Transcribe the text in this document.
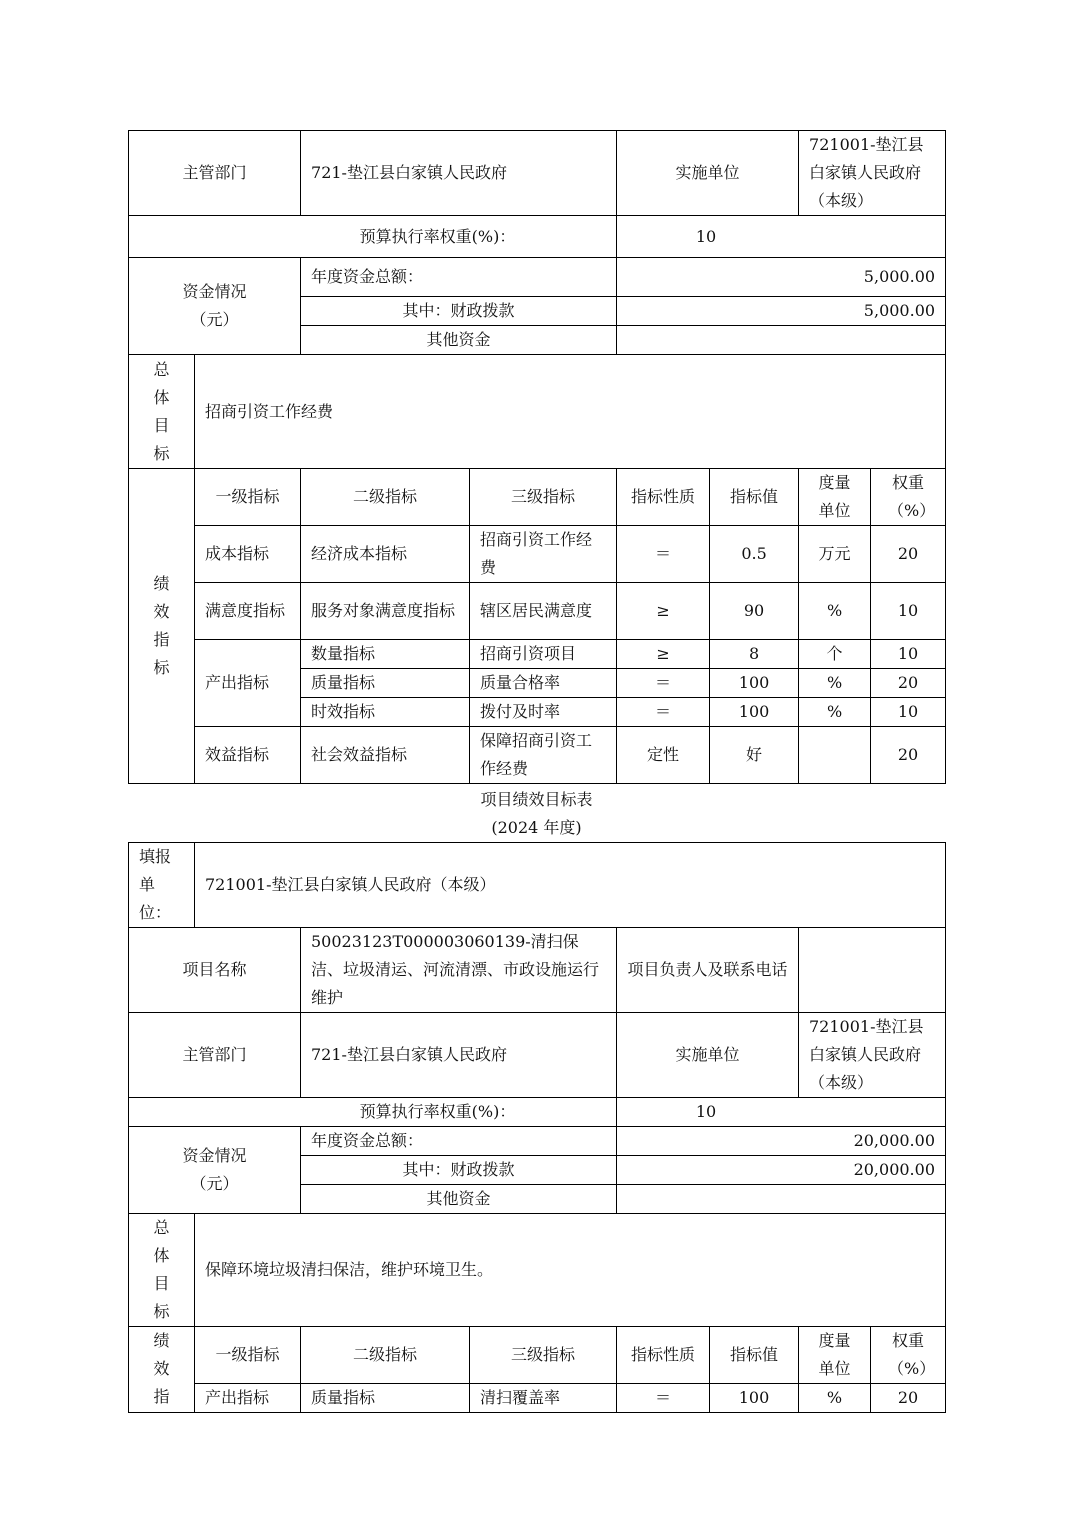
主管部门		721-垫江县白家镇人民政府		实施单位		721001-垫江县白家镇人民政府（本级）	
预算执行率权重(%)：				10			
资金情况（元）		年度资金总额：		5,000.00			
		其中：财政拨款		5,000.00			
		其他资金					

总体目标	招商引资工作经费						

绩效指标	一级指标	二级指标	三级指标	指标性质	指标值	度量单位	权重（%）
	成本指标	经济成本指标	招商引资工作经费	＝	0.5	万元	20
	满意度指标	服务对象满意度指标	辖区居民满意度	≥	90	%	10
	产出指标	数量指标	招商引资项目	≥	8	个	10
		质量指标	质量合格率	＝	100	%	20
		时效指标	拨付及时率	＝	100	%	10
	效益指标	社会效益指标	保障招商引资工作经费	定性	好		20
项目绩效目标表
(2024 年度)
填报单位：	721001-垫江县白家镇人民政府（本级）						
项目名称		50023123T000003060139-清扫保洁、垃圾清运、河流清漂、市政设施运行维护		项目负责人及联系电话			
主管部门		721-垫江县白家镇人民政府		实施单位		721001-垫江县白家镇人民政府（本级）	
预算执行率权重(%)：				10			
资金情况（元）		年度资金总额：		20,000.00			
		其中：财政拨款		20,000.00			
		其他资金					

总体目标	保障环境垃圾清扫保洁，维护环境卫生。						

绩效指	一级指标	二级指标	三级指标	指标性质	指标值	度量单位	权重（%）
	产出指标	质量指标	清扫覆盖率	＝	100	%	20
